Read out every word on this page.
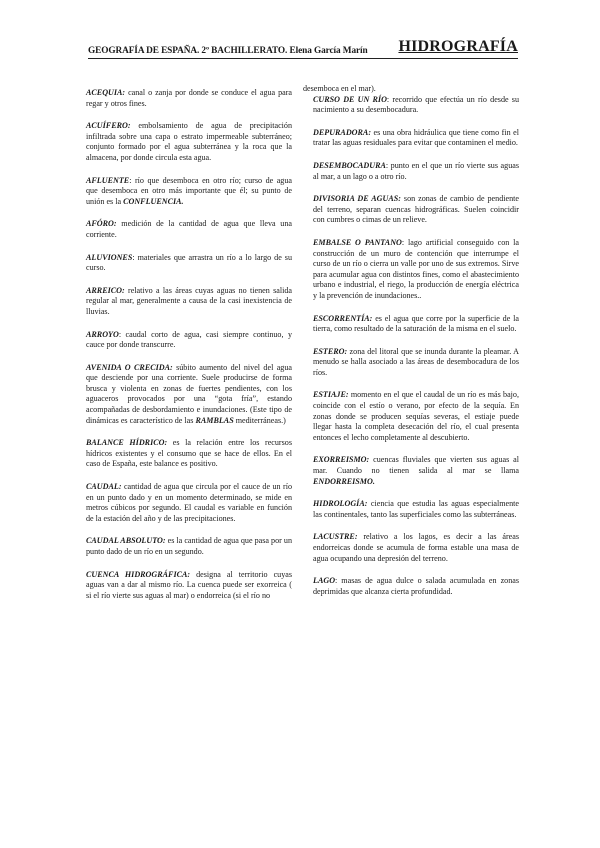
GEOGRAFÍA DE ESPAÑA. 2º BACHILLERATO. Elena García Marín HIDROGRAFÍA

ACEQUIA: canal o zanja por donde se conduce el agua para regar y otros fines.

ACUÍFERO: embolsamiento de agua de precipitación infiltrada sobre una capa o estrato impermeable subterráneo; conjunto formado por el agua subterránea y la roca que la almacena, por donde circula esta agua.

AFLUENTE: río que desemboca en otro río; curso de agua que desemboca en otro más importante que él; su punto de unión es la CONFLUENCIA.

AFÓRO: medición de la cantidad de agua que lleva una corriente.

ALUVIONES: materiales que arrastra un río a lo largo de su curso.

ARREICO: relativo a las áreas cuyas aguas no tienen salida regular al mar, generalmente a causa de la casi inexistencia de lluvias.

ARROYO: caudal corto de agua, casi siempre continuo, y cauce por donde transcurre.

AVENIDA O CRECIDA: súbito aumento del nivel del agua que desciende por una corriente. Suele producirse de forma brusca y violenta en zonas de fuertes pendientes, con los aguaceros provocados por una “gota fría”, estando acompañadas de desbordamiento e inundaciones. (Este tipo de dinámicas es característico de las RAMBLAS mediterráneas.)

BALANCE HÍDRICO: es la relación entre los recursos hídricos existentes y el consumo que se hace de ellos. En el caso de España, este balance es positivo.

CAUDAL: cantidad de agua que circula por el cauce de un río en un punto dado y en un momento determinado, se mide en metros cúbicos por segundo. El caudal es variable en función de la estación del año y de las precipitaciones.

CAUDAL ABSOLUTO: es la cantidad de agua que pasa por un punto dado de un río en un segundo.

CUENCA HIDROGRÁFICA: designa al territorio cuyas aguas van a dar al mismo río. La cuenca puede ser exorreica ( si el río vierte sus aguas al mar) o endorreica (si el río no

desemboca en el mar).

CURSO DE UN RÍO: recorrido que efectúa un río desde su nacimiento a su desembocadura.

DEPURADORA: es una obra hidráulica que tiene como fin el tratar las aguas residuales para evitar que contaminen el medio.

DESEMBOCADURA: punto en el que un río vierte sus aguas al mar, a un lago o a otro río.

DIVISORIA DE AGUAS: son zonas de cambio de pendiente del terreno, separan cuencas hidrográficas. Suelen coincidir con cumbres o cimas de un relieve.

EMBALSE O PANTANO: lago artificial conseguido con la construcción de un muro de contención que interrumpe el curso de un río o cierra un valle por uno de sus extremos. Sirve para acumular agua con distintos fines, como el abastecimiento urbano e industrial, el riego, la producción de energía eléctrica y la prevención de inundaciones..

ESCORRENTÍA: es el agua que corre por la superficie de la tierra, como resultado de la saturación de la misma en el suelo.

ESTERO: zona del litoral que se inunda durante la pleamar. A menudo se halla asociado a las áreas de desembocadura de los ríos.

ESTIAJE: momento en el que el caudal de un río es más bajo, coincide con el estío o verano, por efecto de la sequía. En zonas donde se producen sequías severas, el estiaje puede llegar hasta la completa desecación del río, el cual presenta entonces el lecho completamente al descubierto.

EXORREISMO: cuencas fluviales que vierten sus aguas al mar. Cuando no tienen salida al mar se llama ENDORREISMO.

HIDROLOGÍA: ciencia que estudia las aguas especialmente las continentales, tanto las superficiales como las subterráneas.

LACUSTRE: relativo a los lagos, es decir a las áreas endorreicas donde se acumula de forma estable una masa de agua ocupando una depresión del terreno.

LAGO: masas de agua dulce o salada acumulada en zonas deprimidas que alcanza cierta profundidad.
